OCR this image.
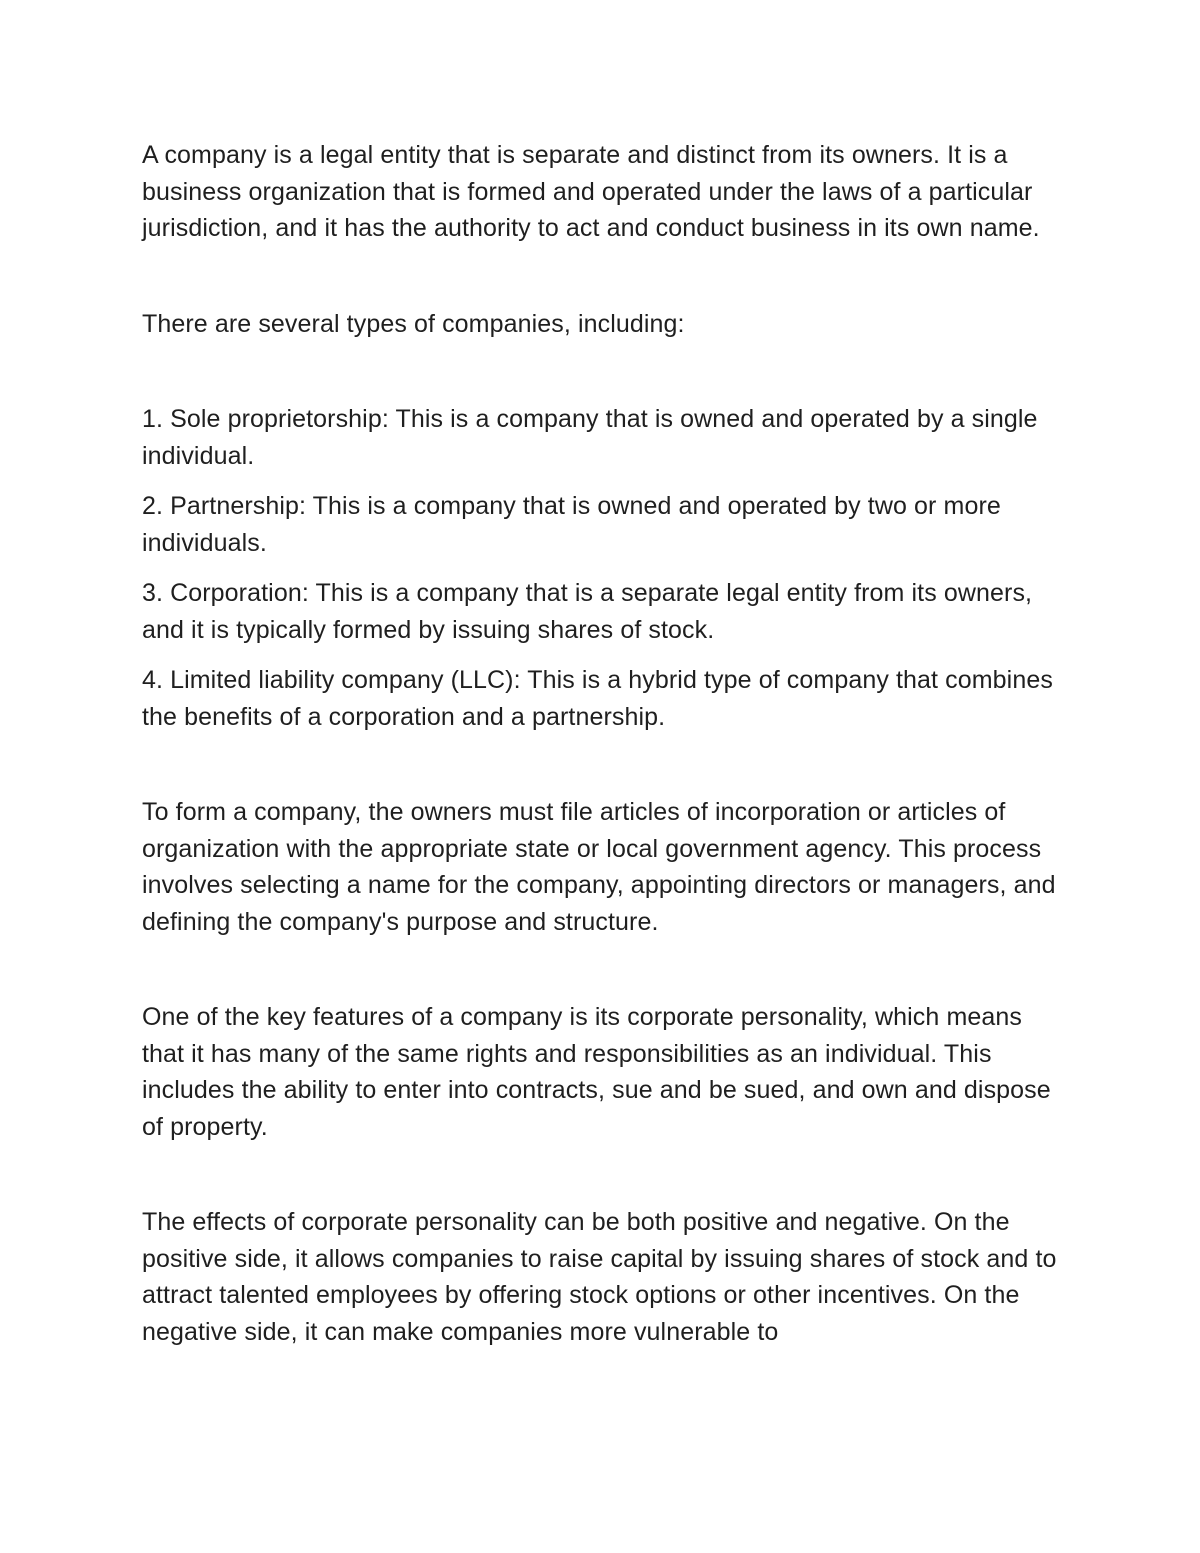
A company is a legal entity that is separate and distinct from its owners. It is a business organization that is formed and operated under the laws of a particular jurisdiction, and it has the authority to act and conduct business in its own name.

There are several types of companies, including:

1. Sole proprietorship: This is a company that is owned and operated by a single individual.

2. Partnership: This is a company that is owned and operated by two or more individuals.

3. Corporation: This is a company that is a separate legal entity from its owners, and it is typically formed by issuing shares of stock.

4. Limited liability company (LLC): This is a hybrid type of company that combines the benefits of a corporation and a partnership.

To form a company, the owners must file articles of incorporation or articles of organization with the appropriate state or local government agency. This process involves selecting a name for the company, appointing directors or managers, and defining the company's purpose and structure.

One of the key features of a company is its corporate personality, which means that it has many of the same rights and responsibilities as an individual. This includes the ability to enter into contracts, sue and be sued, and own and dispose of property.

The effects of corporate personality can be both positive and negative. On the positive side, it allows companies to raise capital by issuing shares of stock and to attract talented employees by offering stock options or other incentives. On the negative side, it can make companies more vulnerable to
